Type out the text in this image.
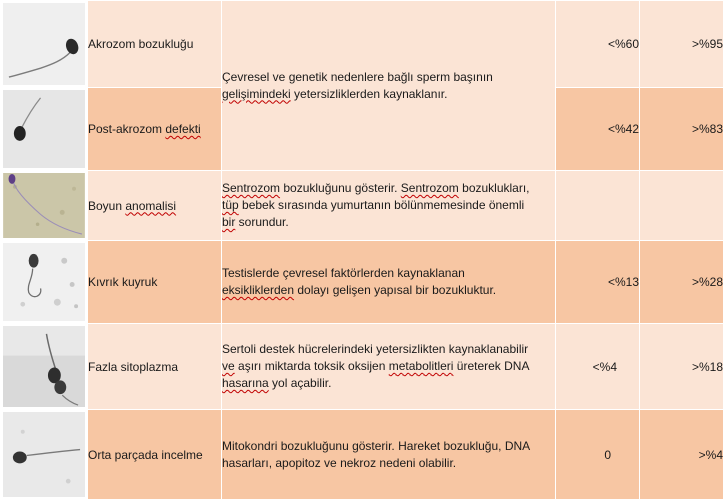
	Akrozom bozukluğu	Çevresel ve genetik nedenlere bağlı sperm başının
gelişimindeki yetersizliklerden kaynaklanır.	<%60	>%95

	Post-akrozom defekti		<%42	>%83

	Boyun anomalisi	Sentrozom bozukluğunu gösterir. Sentrozom bozuklukları,
tüp bebek sırasında yumurtanın bölünmemesinde önemli
bir sorundur.		

	Kıvrık kuyruk	Testislerde çevresel faktörlerden kaynaklanan
eksikliklerden dolayı gelişen yapısal bir bozukluktur.	<%13	>%28

	Fazla sitoplazma	Sertoli destek hücrelerindeki yetersizlikten kaynaklanabilir
ve aşırı miktarda toksik oksijen metabolitleri üreterek DNA
hasarına yol açabilir.	<%4	>%18

	Orta parçada incelme	Mitokondri bozukluğunu gösterir. Hareket bozukluğu, DNA
hasarları, apopitoz ve nekroz nedeni olabilir.	0	>%4
